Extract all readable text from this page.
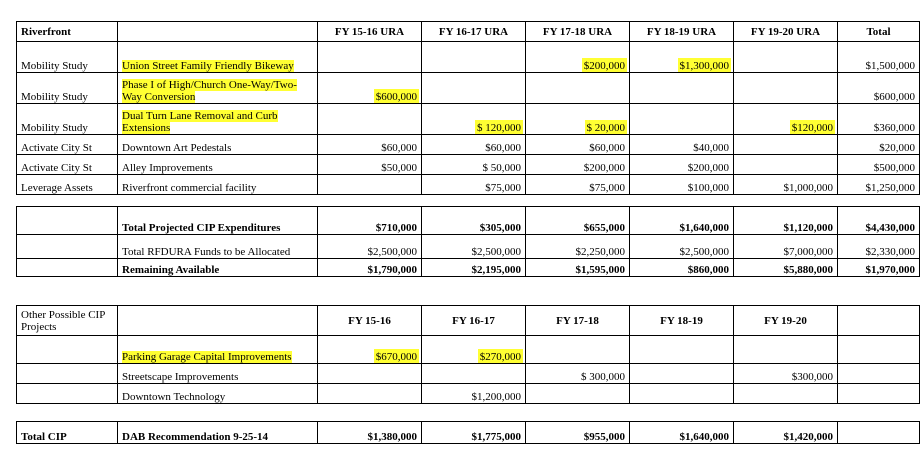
Riverfront		FY 15-16 URA	FY 16-17 URA	FY 17-18 URA	FY 18-19 URA	FY 19-20 URA	Total
Mobility Study	Union Street Family Friendly Bikeway			$200,000	$1,300,000		$1,500,000
Mobility Study	Phase I of High/Church One-Way/Two-Way Conversion	$600,000					$600,000
Mobility Study	Dual Turn Lane Removal and Curb Extensions		$ 120,000	$ 20,000		$120,000	$360,000
Activate City St	Downtown Art Pedestals	$60,000	$60,000	$60,000	$40,000		$20,000
Activate City St	Alley Improvements	$50,000	$ 50,000	$200,000	$200,000		$500,000
Leverage Assets	Riverfront commercial facility		$75,000	$75,000	$100,000	$1,000,000	$1,250,000
	Total Projected CIP Expenditures	$710,000	$305,000	$655,000	$1,640,000	$1,120,000	$4,430,000
	Total RFDURA Funds to be Allocated	$2,500,000	$2,500,000	$2,250,000	$2,500,000	$7,000,000	$2,330,000
	Remaining Available	$1,790,000	$2,195,000	$1,595,000	$860,000	$5,880,000	$1,970,000
Other Possible CIP Projects		FY 15-16	FY 16-17	FY 17-18	FY 18-19	FY 19-20	
	Parking Garage Capital Improvements	$670,000	$270,000				
	Streetscape Improvements			$ 300,000		$300,000	
	Downtown Technology		$1,200,000				
Total CIP	DAB Recommendation 9-25-14	$1,380,000	$1,775,000	$955,000	$1,640,000	$1,420,000	
